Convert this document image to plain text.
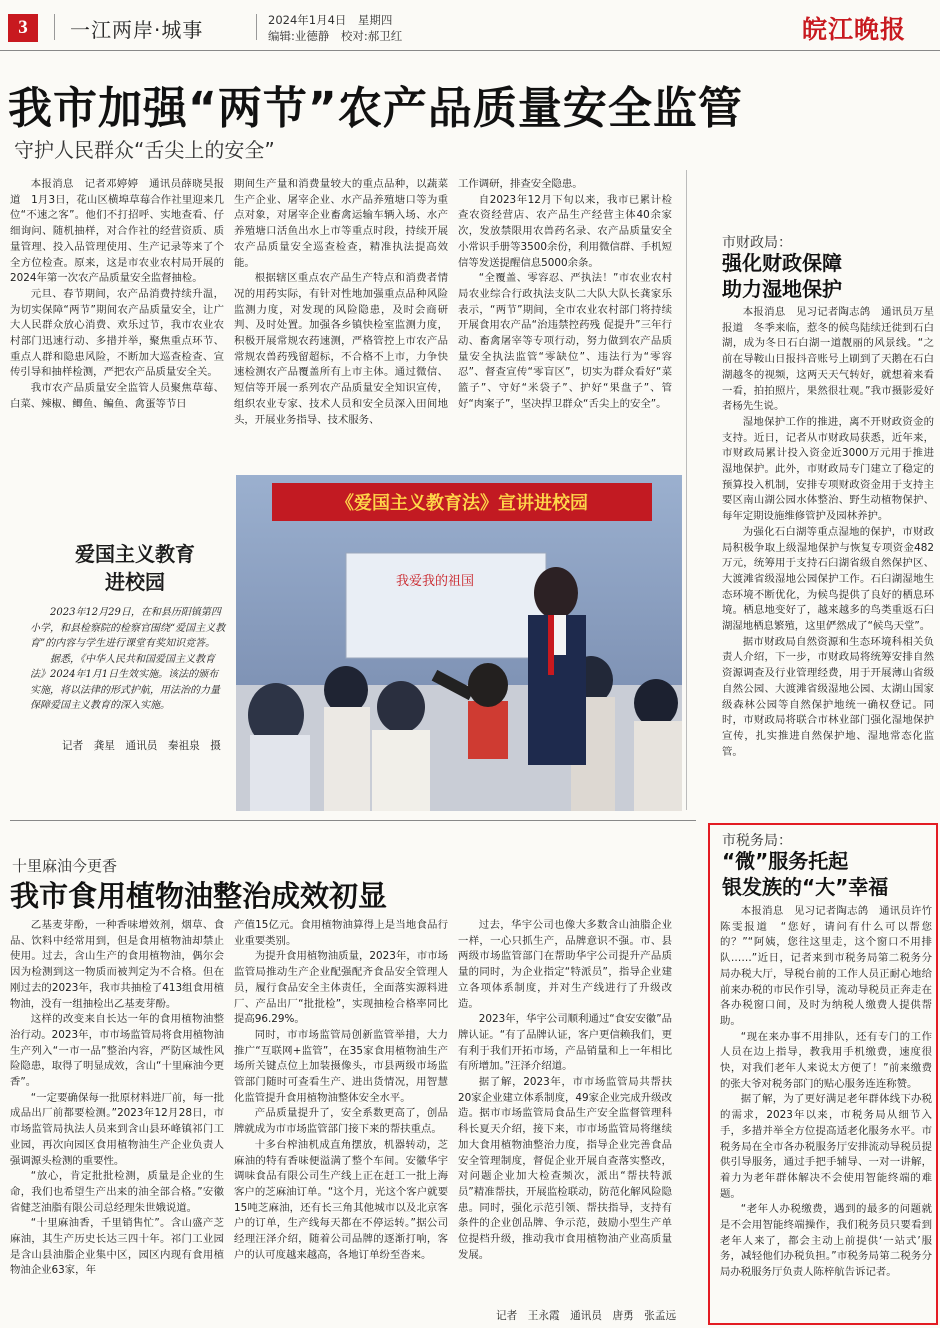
3	一江两岸·城事	2024年1月4日　星期四
编辑:业德静　校对:郝卫红	皖江晚报
我市加强“两节”农产品质量安全监管
守护人民群众“舌尖上的安全”

本报消息　记者邓婷婷　通讯员薛晓昊报道　1月3日，花山区横埠草莓合作社里迎来几位“不速之客”。他们不打招呼、实地查看、仔细询问、随机抽样，对合作社的经营资质、质量管理、投入品管理使用、生产记录等来了个全方位检查。原来，这是市农业农村局开展的2024年第一次农产品质量安全监督抽检。

元旦、春节期间，农产品消费持续升温，为切实保障“两节”期间农产品质量安全，让广大人民群众放心消费、欢乐过节，我市农业农村部门迅速行动、多措并举，聚焦重点环节、重点人群和隐患风险，不断加大巡查检查、宣传引导和抽样检测，严把农产品质量安全关。

我市农产品质量安全监管人员聚焦草莓、白菜、辣椒、鲫鱼、鳊鱼、禽蛋等节日

期间生产量和消费量较大的重点品种，以蔬菜生产企业、屠宰企业、水产品养殖塘口等为重点对象，对屠宰企业畜禽运输车辆入场、水产养殖塘口活鱼出水上市等重点时段，持续开展农产品质量安全巡查检查，精准执法提高效能。

根据辖区重点农产品生产特点和消费者情况的用药实际，有针对性地加强重点品种风险监测力度，对发现的风险隐患，及时会商研判、及时处置。加强各乡镇快检室监测力度，积极开展常规农药速测，严格管控上市农产品常规农兽药残留超标，不合格不上市，力争快速检测农产品覆盖所有上市主体。通过微信、短信等开展一系列农产品质量安全知识宣传，组织农业专家、技术人员和安全员深入田间地头，开展业务指导、技术服务、

工作调研，排查安全隐患。

自2023年12月下旬以来，我市已累计检查农资经营店、农产品生产经营主体40余家次，发放禁限用农兽药名录、农产品质量安全小常识手册等3500余份，利用微信群、手机短信等发送提醒信息5000余条。

“全覆盖、零容忍、严执法！”市农业农村局农业综合行政执法支队二大队大队长龚家乐表示，“两节”期间，全市农业农村部门将持续开展食用农产品“治违禁控药残 促提升”三年行动、畜禽屠宰等专项行动，努力做到农产品质量安全执法监管“零缺位”、违法行为“零容忍”、督查宣传“零盲区”，切实为群众看好“菜篮子”、守好“米袋子”、护好“果盘子”、管好“肉案子”，坚决捍卫群众“舌尖上的安全”。

市财政局：
强化财政保障
助力湿地保护

本报消息　见习记者陶志鸽　通讯员万星报道　冬季来临，惹冬的候鸟陆续迁徙到石白湖，成为冬日石白湖一道靓丽的风景线。“之前在导鞍山日报抖音账号上刷到了天鹅在石白湖越冬的视频，这两天天气转好，就想着来看一看，拍拍照片，果然很壮观。”我市摄影爱好者杨先生说。

湿地保护工作的推进，离不开财政资金的支持。近日，记者从市财政局获悉，近年来，市财政局累计投入资金近3000万元用于推进湿地保护。此外，市财政局专门建立了稳定的预算投入机制，安排专项财政资金用于支持主要区南山湖公园水体整治、野生动植物保护、每年定期设施维修管护及园林养护。

为强化石白湖等重点湿地的保护，市财政局积极争取上级湿地保护与恢复专项资金482万元，统筹用于支持石臼湖省级自然保护区、大渡滩省级湿地公园保护工作。石臼湖湿地生态环境不断优化，为候鸟提供了良好的栖息环境。栖息地变好了，越来越多的鸟类重返石臼湖湿地栖息繁殖，这里俨然成了“候鸟天堂”。

据市财政局自然资源和生态环境科相关负责人介绍，下一步，市财政局将统筹安排自然资源调查及行业管理经费，用于开展薄山省级自然公园、大渡滩省级湿地公园、太湖山国家级森林公园等自然保护地统一确权登记。同时，市财政局将联合市林业部门强化湿地保护宣传，扎实推进自然保护地、湿地常态化监管。

《爱国主义教育法》宣讲进校园
我爱我的祖国
爱国主义教育
进校园

2023年12月29日，在和县历阳镇第四小学，和县检察院的检察官围绕“爱国主义教育”的内容与学生进行课堂有奖知识竞答。

据悉，《中华人民共和国爱国主义教育法》2024年1月1日生效实施。该法的颁布实施，将以法律的形式护航，用法治的力量保障爱国主义教育的深入实施。

记者　龚星　通讯员　秦祖泉　摄
十里麻油今更香
我市食用植物油整治成效初显

乙基麦芽酚，一种香味增效剂，烟草、食品、饮料中经常用到，但是食用植物油却禁止使用。过去，含山生产的食用植物油，偶尔会因为检测到这一物质而被判定为不合格。但在刚过去的2023年，我市共抽检了413组食用植物油，没有一组抽检出乙基麦芽酚。

这样的改变来自长达一年的食用植物油整治行动。2023年，市市场监管局将食用植物油生产列入“一市一品”整治内容，严防区域性风险隐患，取得了明显成效，含山“十里麻油今更香”。

“一定要确保每一批原材料进厂前，每一批成品出厂前都要检测。”2023年12月28日，市市场监管局执法人员来到含山县环峰镇祁门工业园，再次向园区食用植物油生产企业负责人强调源头检测的重要性。

“放心，肯定批批检测，质量是企业的生命，我们也希望生产出来的油全部合格。”安徽省健芝油脂有限公司总经理朱世娥说道。

“十里麻油香，千里销售忙”。含山盛产芝麻油，其生产历史长达三四十年。祁门工业园是含山县油脂企业集中区，园区内现有食用植物油企业63家，年

产值15亿元。食用植物油算得上是当地食品行业重要类别。

为提升食用植物油质量，2023年，市市场监管局推动生产企业配强配齐食品安全管理人员，履行食品安全主体责任，全面落实源料进厂、产品出厂“批批检”，实现抽检合格率同比提高96.29%。

同时，市市场监管局创新监管举措，大力推广“互联网+监管”，在35家食用植物油生产场所关键点位上加装摄像头，市县两级市场监管部门随时可查看生产、进出货情况，用智慧化监管提升食用植物油整体安全水平。

产品质量提升了，安全系数更高了，创品牌就成为市市场监管部门接下来的帮扶重点。

十多台榨油机成直角摆放，机器转动，芝麻油的特有香味便溢满了整个车间。安徽华宇调味食品有限公司生产线上正在赶工一批上海客户的芝麻油订单。“这个月，光这个客户就要15吨芝麻油，还有长三角其他城市以及北京客户的订单，生产线每天都在不停运转。”据公司经理汪泽介绍，随着公司品牌的逐渐打响，客户的认可度越来越高，各地订单纷至沓来。

过去，华宇公司也像大多数含山油脂企业一样，一心只抓生产，品牌意识不强。市、县两级市场监管部门在帮助华宇公司提升产品质量的同时，为企业指定“特派员”，指导企业建立各项体系制度，并对生产线进行了升级改造。

2023年，华宇公司顺利通过“食安安徽”品牌认证。“有了品牌认证，客户更信赖我们，更有利于我们开拓市场，产品销量和上一年相比有所增加。”汪泽介绍道。

据了解，2023年，市市场监管局共帮扶20家企业建立体系制度，49家企业完成升级改造。据市市场监管局食品生产安全监督管理科科长夏天介绍，接下来，市市场监管局将继续加大食用植物油整治力度，指导企业完善食品安全管理制度，督促企业开展自查落实整改，对问题企业加大检查频次，派出“帮扶特派员”精准帮扶，开展监检联动，防范化解风险隐患。同时，强化示范引领、帮扶指导，支持有条件的企业创品牌、争示范，鼓励小型生产单位提档升级，推动我市食用植物油产业高质量发展。

记者　王永霞　通讯员　唐勇　张孟远
市税务局：
“微”服务托起
银发族的“大”幸福

本报消息　见习记者陶志鸽　通讯员许竹　陈雯报道　“您好，请问有什么可以帮您的？”“阿姨，您往这里走，这个窗口不用排队……”近日，记者来到市税务局第二税务分局办税大厅，导税台前的工作人员正耐心地给前来办税的市民作引导，流动导税员正奔走在各办税窗口间，及时为纳税人缴费人提供帮助。

“现在来办事不用排队，还有专门的工作人员在边上指导，教我用手机缴费，速度很快，对我们老年人来说太方便了！”前来缴费的张大爷对税务部门的贴心服务连连称赞。

据了解，为了更好满足老年群体线下办税的需求，2023年以来，市税务局从细节入手，多措并举全方位提高适老化服务水平。市税务局在全市各办税服务厅安排流动导税员提供引导服务，通过手把手辅导、一对一讲解，着力为老年群体解决不会使用智能终端的难题。

“老年人办税缴费，遇到的最多的问题就是不会用智能终端操作，我们税务员只要看到老年人来了，都会主动上前提供‘一站式’服务，减轻他们办税负担。”市税务局第二税务分局办税服务厅负责人陈梓航告诉记者。
